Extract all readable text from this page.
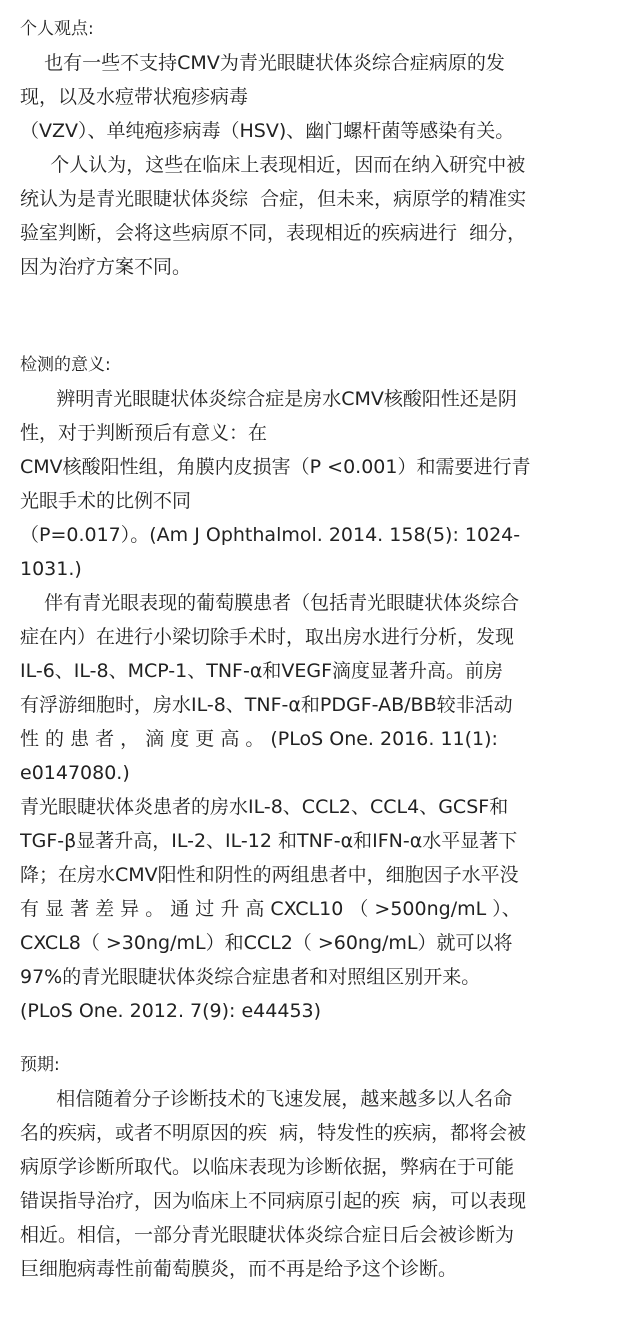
个人观点:
也有一些不支持CMV为青光眼睫状体炎综合症病原的发
现，以及水痘带状疱疹病毒
（VZV）、单纯疱疹病毒（HSV)、幽门螺杆菌等感染有关。
个人认为，这些在临床上表现相近，因而在纳入研究中被
统认为是青光眼睫状体炎综  合症，但未来，病原学的精准实
验室判断，会将这些病原不同，表现相近的疾病进行  细分，
因为治疗方案不同。
检测的意义:
辨明青光眼睫状体炎综合症是房水CMV核酸阳性还是阴
性，对于判断预后有意义：在
CMV核酸阳性组，角膜内皮损害（P <0.001）和需要进行青
光眼手术的比例不同
（P=0.017）。(Am J Ophthalmol. 2014. 158(5): 1024-
1031.)
伴有青光眼表现的葡萄膜患者（包括青光眼睫状体炎综合
症在内）在进行小梁切除手术时，取出房水进行分析，发现
IL-6、IL-8、MCP-1、TNF-α和VEGF滴度显著升高。前房
有浮游细胞时，房水IL-8、TNF-α和PDGF-AB/BB较非活动
性 的 患 者 ， 滴 度 更 高 。 (PLoS One. 2016. 11(1):
e0147080.)
青光眼睫状体炎患者的房水IL-8、CCL2、CCL4、GCSF和
TGF-β显著升高，IL-2、IL-12 和TNF-α和IFN-α水平显著下
降；在房水CMV阳性和阴性的两组患者中，细胞因子水平没
有 显 著 差 异 。 通 过 升 高 CXCL10 （ >500ng/mL ）、
CXCL8（ >30ng/mL）和CCL2（ >60ng/mL）就可以将
97%的青光眼睫状体炎综合症患者和对照组区别开来。
(PLoS One. 2012. 7(9): e44453)
预期:
相信随着分子诊断技术的飞速发展，越来越多以人名命
名的疾病，或者不明原因的疾  病，特发性的疾病，都将会被
病原学诊断所取代。以临床表现为诊断依据，弊病在于可能
错误指导治疗，因为临床上不同病原引起的疾  病，可以表现
相近。相信，一部分青光眼睫状体炎综合症日后会被诊断为
巨细胞病毒性前葡萄膜炎，而不再是给予这个诊断。
